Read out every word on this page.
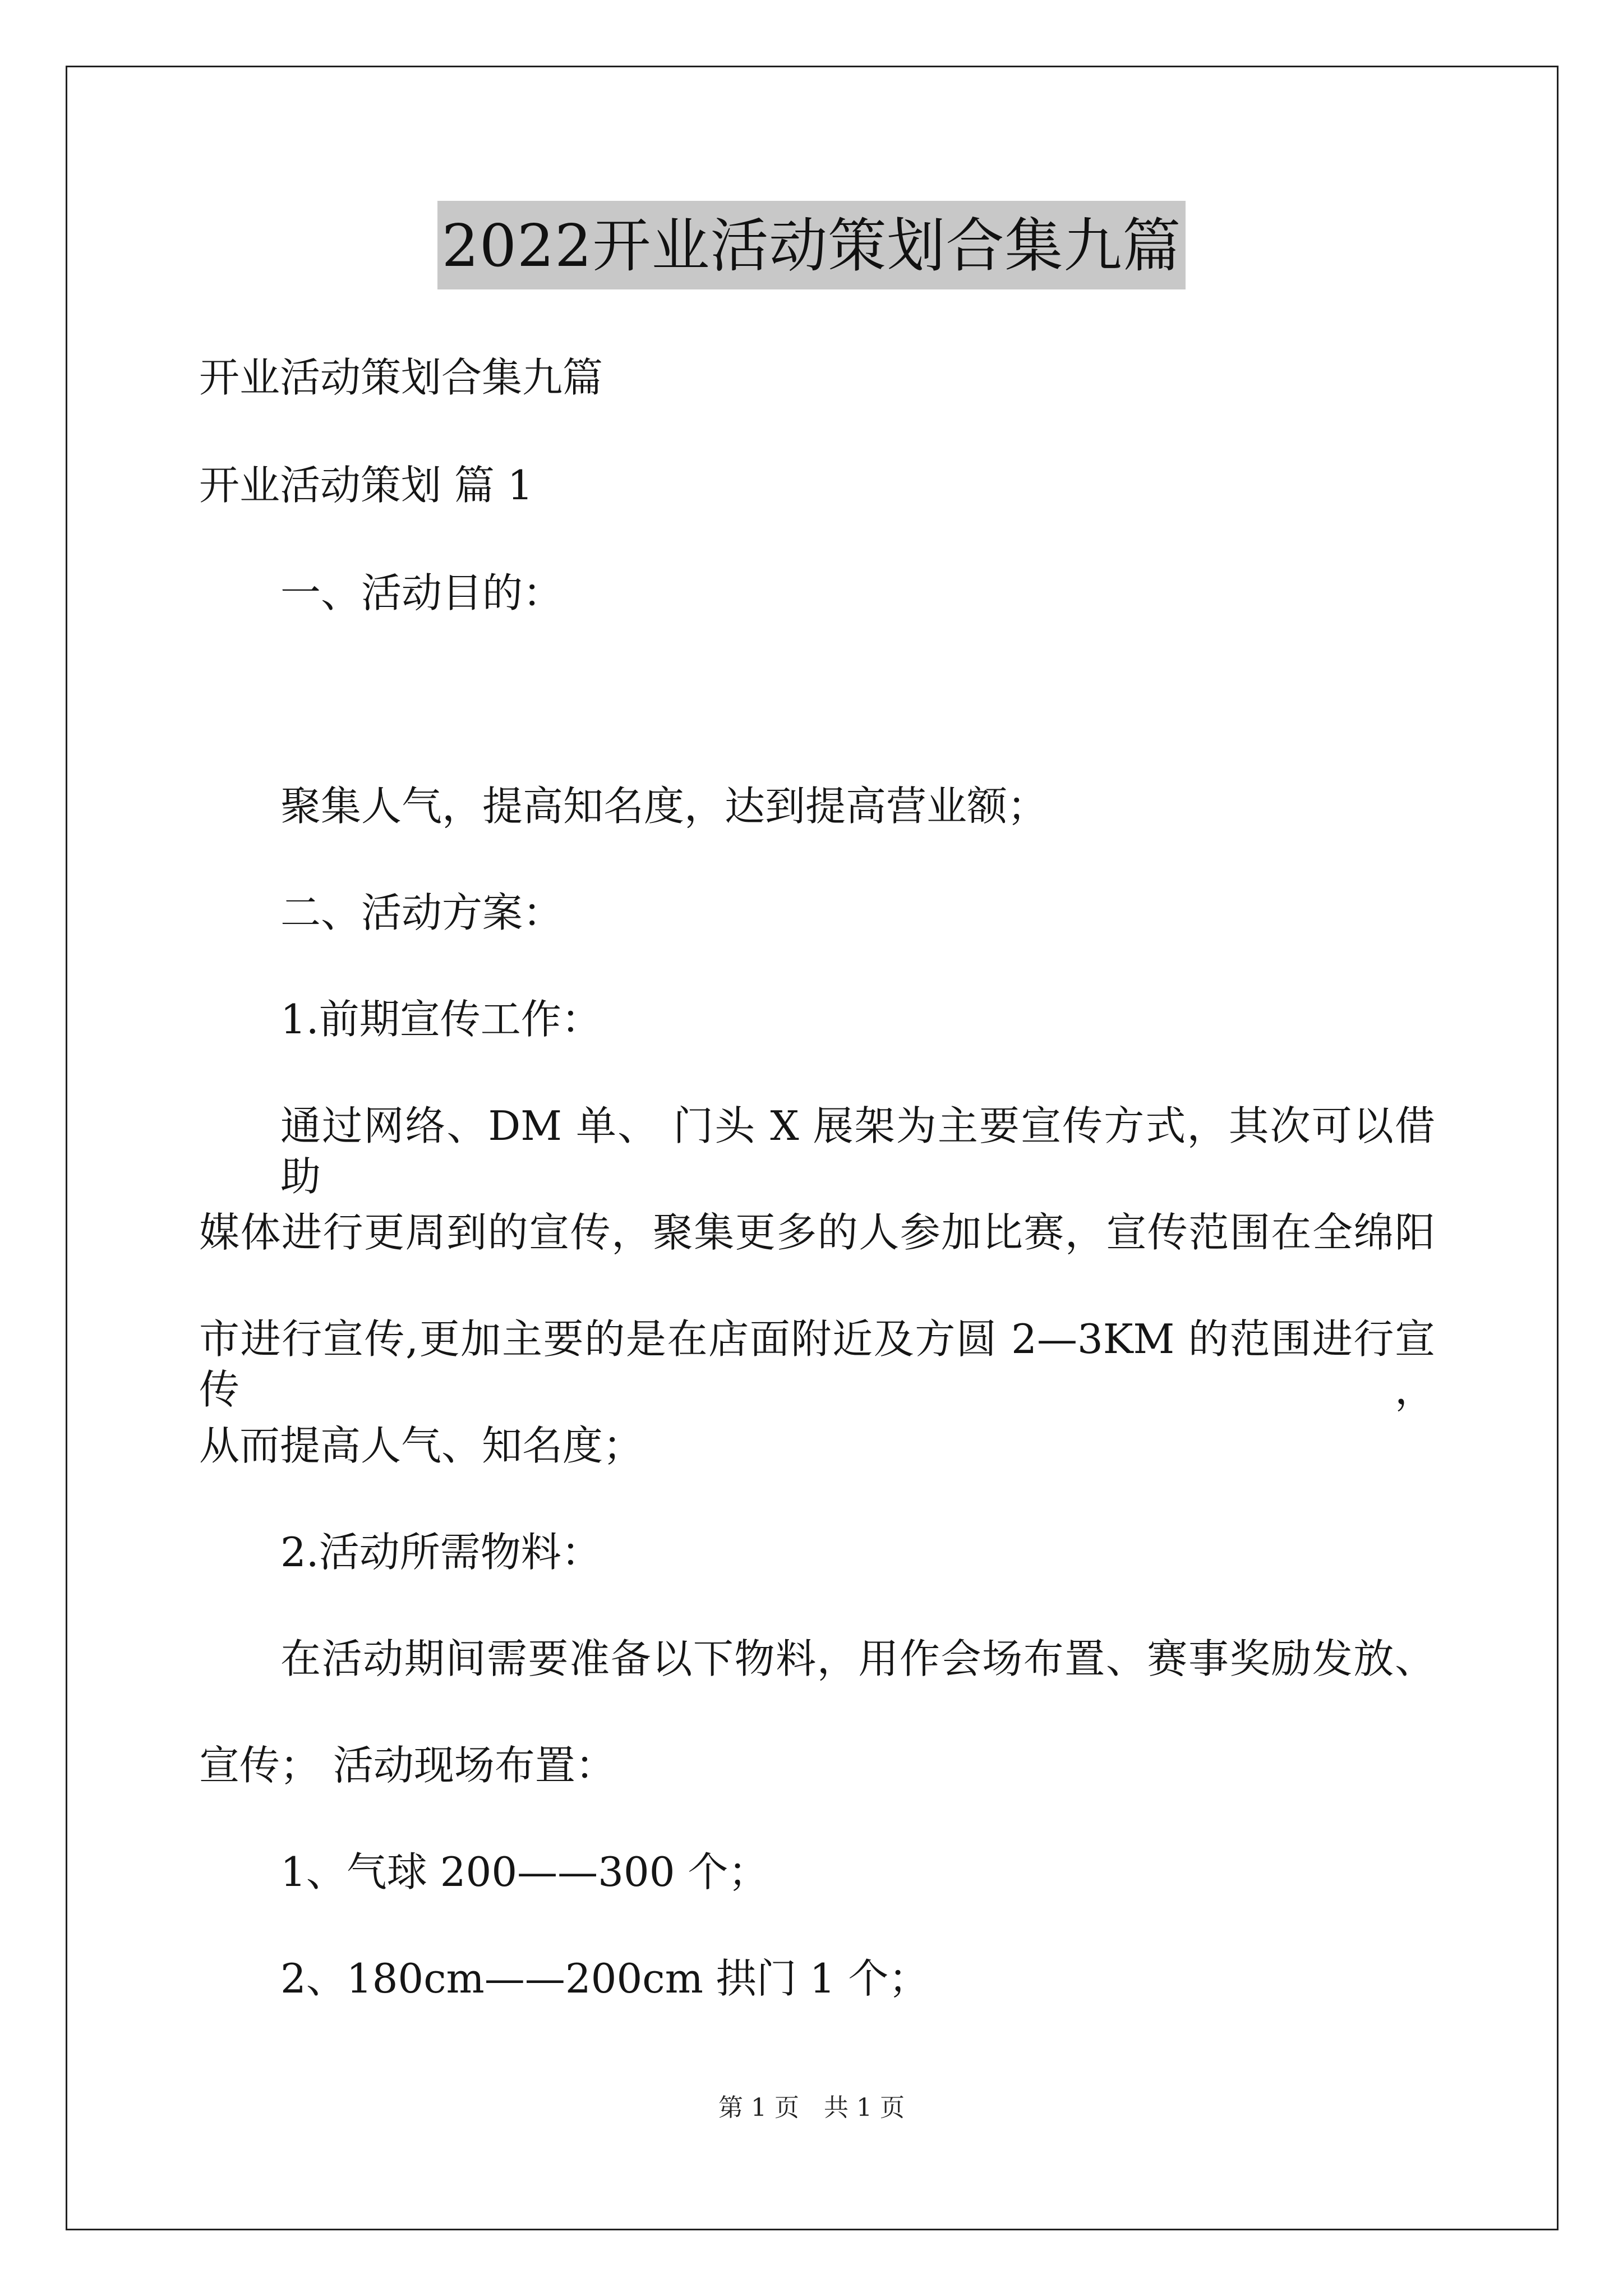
2022开业活动策划合集九篇
开业活动策划合集九篇
开业活动策划 篇 1
一、活动目的：
聚集人气，提高知名度，达到提高营业额；
二、活动方案：
1.前期宣传工作：
通过网络、DM 单、 门头 X 展架为主要宣传方式，其次可以借助
媒体进行更周到的宣传，聚集更多的人参加比赛，宣传范围在全绵阳
市进行宣传,更加主要的是在店面附近及方圆 2—3KM 的范围进行宣传，
从而提高人气、知名度；
2.活动所需物料：
在活动期间需要准备以下物料，用作会场布置、赛事奖励发放、
宣传； 活动现场布置：
1、气球 200——300 个；
2、180cm——200cm 拱门 1 个；
第 1 页　共 1 页
